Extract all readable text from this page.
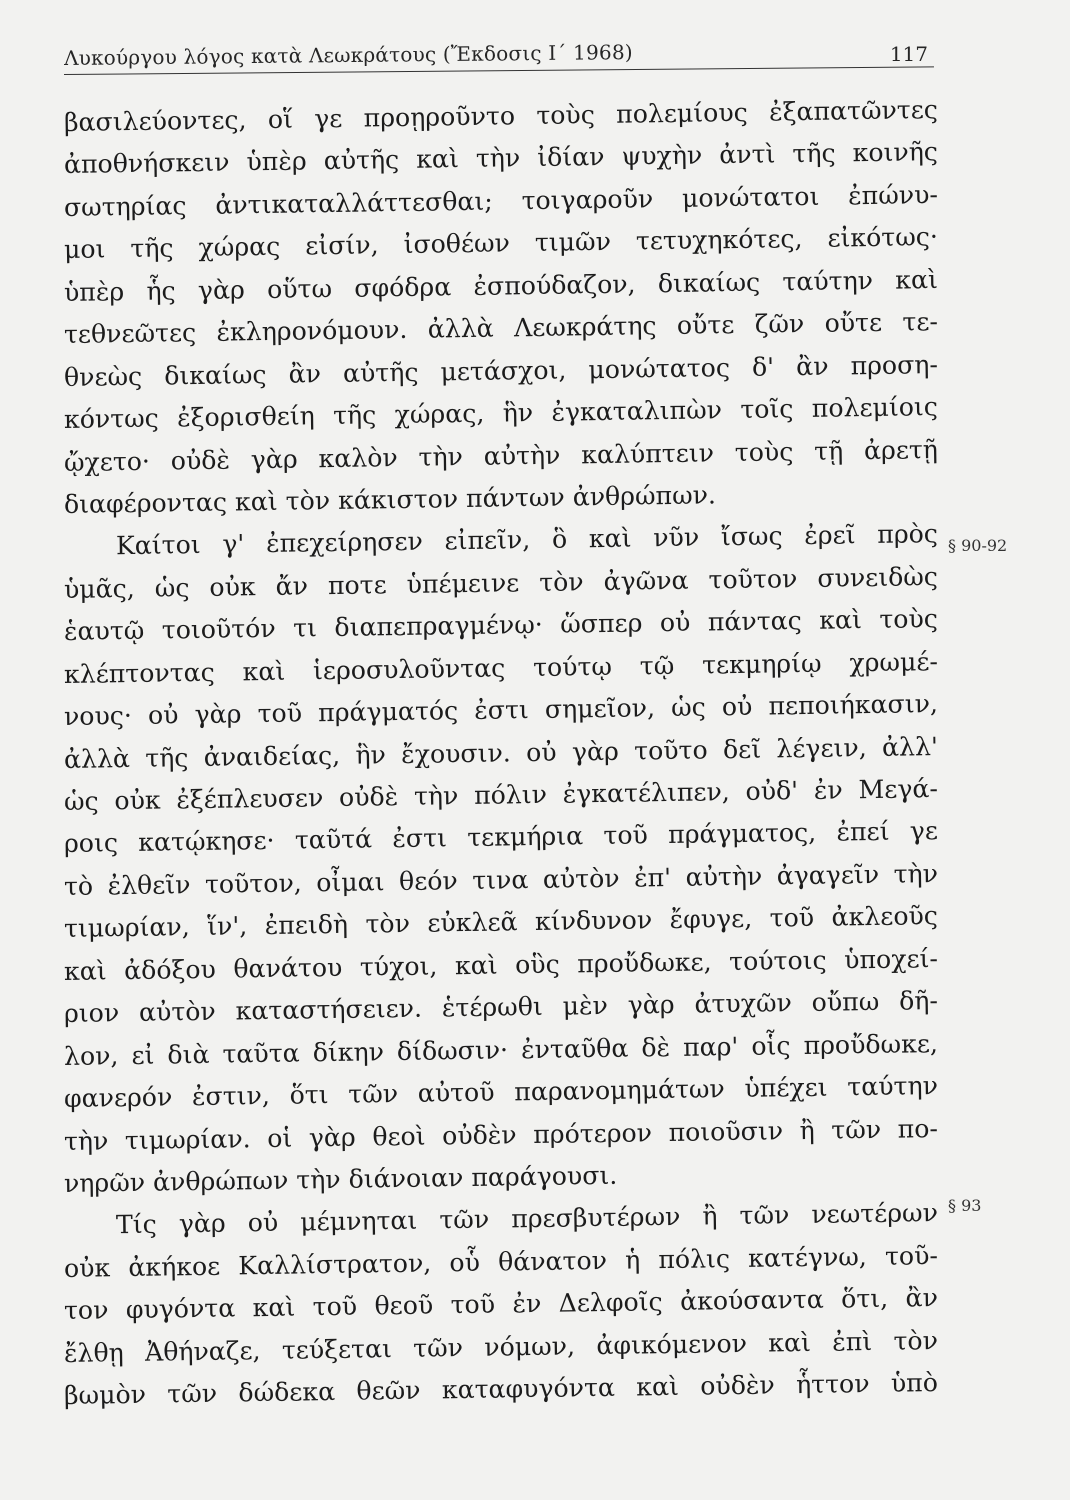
Λυκούργου λόγος κατὰ Λεωκράτους (Ἔκδοσις Ι΄ 1968)	117
βασιλεύοντες, οἵ γε προῃροῦντο τοὺς πολεμίους ἐξαπατῶντες
ἀποθνήσκειν ὑπὲρ αὐτῆς καὶ τὴν ἰδίαν ψυχὴν ἀντὶ τῆς κοινῆς
σωτηρίας ἀντικαταλλάττεσθαι; τοιγαροῦν μονώτατοι ἐπώνυ-
μοι τῆς χώρας εἰσίν, ἰσοθέων τιμῶν τετυχηκότες, εἰκότως·
ὑπὲρ ἧς γὰρ οὕτω σφόδρα ἐσπούδαζον, δικαίως ταύτην καὶ
τεθνεῶτες ἐκληρονόμουν. ἀλλὰ Λεωκράτης οὔτε ζῶν οὔτε τε-
θνεὼς δικαίως ἂν αὐτῆς μετάσχοι, μονώτατος δ' ἂν προση-
κόντως ἐξορισθείη τῆς χώρας, ἣν ἐγκαταλιπὼν τοῖς πολεμίοις
ᾤχετο· οὐδὲ γὰρ καλὸν τὴν αὐτὴν καλύπτειν τοὺς τῇ ἀρετῇ
διαφέροντας καὶ τὸν κάκιστον πάντων ἀνθρώπων.
Καίτοι γ' ἐπεχείρησεν εἰπεῖν, ὃ καὶ νῦν ἴσως ἐρεῖ πρὸς
ὑμᾶς, ὡς οὐκ ἄν ποτε ὑπέμεινε τὸν ἀγῶνα τοῦτον συνειδὼς
ἑαυτῷ τοιοῦτόν τι διαπεπραγμένῳ· ὥσπερ οὐ πάντας καὶ τοὺς
κλέπτοντας καὶ ἱεροσυλοῦντας τούτῳ τῷ τεκμηρίῳ χρωμέ-
νους· οὐ γὰρ τοῦ πράγματός ἐστι σημεῖον, ὡς οὐ πεποιήκασιν,
ἀλλὰ τῆς ἀναιδείας, ἣν ἔχουσιν. οὐ γὰρ τοῦτο δεῖ λέγειν, ἀλλ'
ὡς οὐκ ἐξέπλευσεν οὐδὲ τὴν πόλιν ἐγκατέλιπεν, οὐδ' ἐν Μεγά-
ροις κατῴκησε· ταῦτά ἐστι τεκμήρια τοῦ πράγματος, ἐπεί γε
τὸ ἐλθεῖν τοῦτον, οἶμαι θεόν τινα αὐτὸν ἐπ' αὐτὴν ἀγαγεῖν τὴν
τιμωρίαν, ἵν', ἐπειδὴ τὸν εὐκλεᾶ κίνδυνον ἔφυγε, τοῦ ἀκλεοῦς
καὶ ἀδόξου θανάτου τύχοι, καὶ οὓς προὔδωκε, τούτοις ὑποχεί-
ριον αὐτὸν καταστήσειεν. ἑτέρωθι μὲν γὰρ ἀτυχῶν οὔπω δῆ-
λον, εἰ διὰ ταῦτα δίκην δίδωσιν· ἐνταῦθα δὲ παρ' οἷς προὔδωκε,
φανερόν ἐστιν, ὅτι τῶν αὐτοῦ παρανομημάτων ὑπέχει ταύτην
τὴν τιμωρίαν. οἱ γὰρ θεοὶ οὐδὲν πρότερον ποιοῦσιν ἢ τῶν πο-
νηρῶν ἀνθρώπων τὴν διάνοιαν παράγουσι.
Τίς γὰρ οὐ μέμνηται τῶν πρεσβυτέρων ἢ τῶν νεωτέρων
οὐκ ἀκήκοε Καλλίστρατον, οὗ θάνατον ἡ πόλις κατέγνω, τοῦ-
τον φυγόντα καὶ τοῦ θεοῦ τοῦ ἐν Δελφοῖς ἀκούσαντα ὅτι, ἂν
ἔλθῃ Ἀθήναζε, τεύξεται τῶν νόμων, ἀφικόμενον καὶ ἐπὶ τὸν
βωμὸν τῶν δώδεκα θεῶν καταφυγόντα καὶ οὐδὲν ἧττον ὑπὸ
§ 90-92
§ 93
